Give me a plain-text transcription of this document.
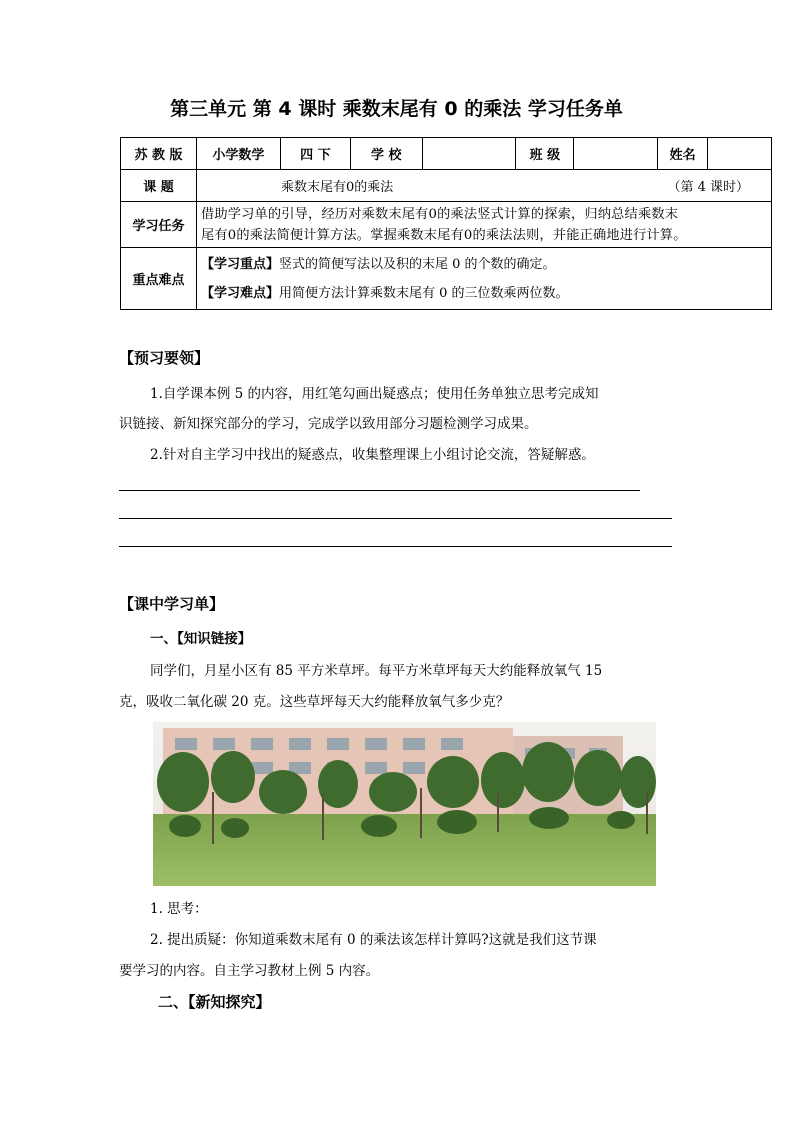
第三单元 第 4 课时 乘数末尾有 0 的乘法 学习任务单
苏 教 版	小学数学	四 下	学 校		班 级		姓名	
课 题	乘数末尾有0的乘法 （第 4 课时）							

学习任务	借助学习单的引导，经历对乘数末尾有0的乘法竖式计算的探索，归纳总结乘数末
尾有0的乘法简便计算方法。掌握乘数末尾有0的乘法法则，并能正确地进行计算。							

重点难点	【学习重点】竖式的简便写法以及积的末尾 0 的个数的确定。
【学习难点】用简便方法计算乘数末尾有 0 的三位数乘两位数。							
【预习要领】
1.自学课本例 5 的内容，用红笔勾画出疑惑点；使用任务单独立思考完成知
识链接、新知探究部分的学习，完成学以致用部分习题检测学习成果。
2.针对自主学习中找出的疑惑点，收集整理课上小组讨论交流，答疑解惑。
【课中学习单】
一、【知识链接】
同学们，月星小区有 85 平方米草坪。每平方米草坪每天大约能释放氧气 15
克，吸收二氧化碳 20 克。这些草坪每天大约能释放氧气多少克？
1. 思考：
2. 提出质疑：你知道乘数末尾有 0 的乘法该怎样计算吗?这就是我们这节课
要学习的内容。自主学习教材上例 5 内容。
二、【新知探究】
